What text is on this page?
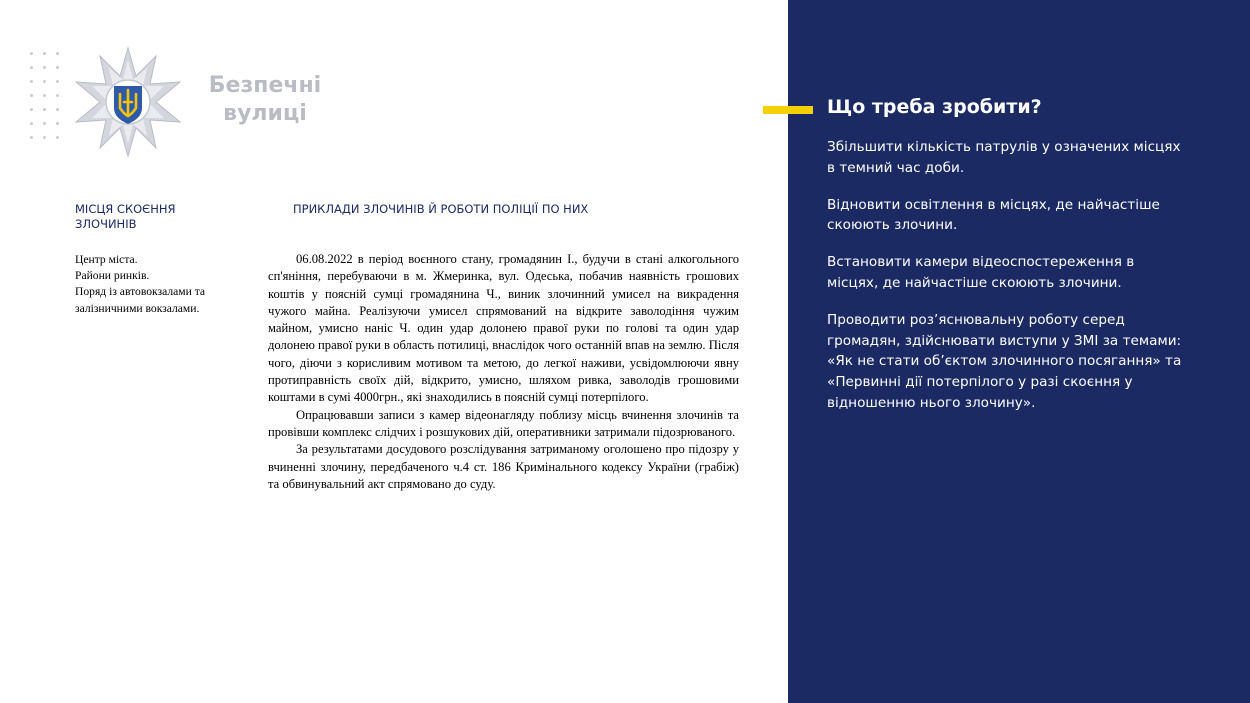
Безпечні
вулиці
МІСЦЯ СКОЄННЯ
ЗЛОЧИНІВ
ПРИКЛАДИ ЗЛОЧИНІВ Й РОБОТИ ПОЛІЦІЇ ПО НИХ
Центр міста.
Райони ринків.
Поряд із автовокзалами та залізничними вокзалами.

06.08.2022 в період воєнного стану, громадянин І., будучи в стані алкогольного сп'яніння, перебуваючи в м. Жмеринка, вул. Одеська, побачив наявність грошових коштів у поясній сумці громадянина Ч., виник злочинний умисел на викрадення чужого майна. Реалізуючи умисел спрямований на відкрите заволодіння чужим майном, умисно наніс Ч. один удар долонею правої руки по голові та один удар долонею правої руки в область потилиці, внаслідок чого останній впав на землю. Після чого, діючи з корисливим мотивом та метою, до легкої наживи, усвідомлюючи явну протиправність своїх дій, відкрито, умисно, шляхом ривка, заволодів грошовими коштами в сумі 4000грн., які знаходились в поясній сумці потерпілого.

Опрацювавши записи з камер відеонагляду поблизу місць вчинення злочинів та провівши комплекс слідчих і розшукових дій, оперативники затримали підозрюваного.

За результатами досудового розслідування затриманому оголошено про підозру у вчиненні злочину, передбаченого ч.4 ст. 186 Кримінального кодексу України (грабіж) та обвинувальний акт спрямовано до суду.

Що треба зробити?

Збільшити кількість патрулів у означених місцях в темний час доби.

Відновити освітлення в місцях, де найчастіше скоюють злочини.

Встановити камери відеоспостереження в місцях, де найчастіше скоюють злочини.

Проводити роз’яснювальну роботу серед громадян, здійснювати виступи у ЗМІ за темами: «Як не стати об’єктом злочинного посягання» та «Первинні дії потерпілого у разі скоєння у відношенню нього злочину».
